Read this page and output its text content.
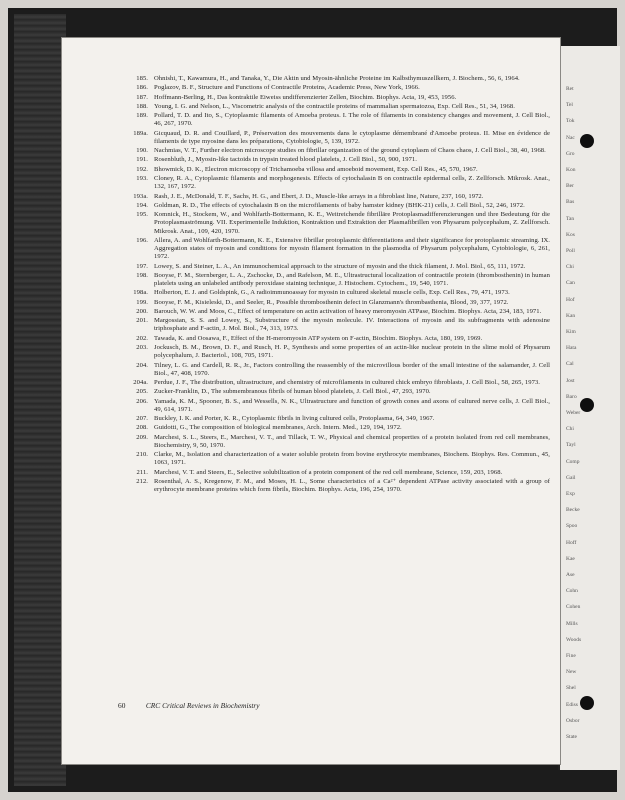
Ret
Tel
Tok
Nac
Gro
Kon
Ber
Bas
Tan
Kos
Poll
Chi
Can
Hof
Kan
Kim
Hata
Cal
Jost
Baro
Weber
Chi
Tayl
Comp
Gail
Exp
Becke
Spoo
Hoff
Kae
Ase
Cohn
Cohen
Mills
Woods
Fine
New
Shel
Ediss
Osbor
State
185. Ohnishi, T., Kawamura, H., and Tanaka, Y., Die Aktin und Myosin-ähnliche Proteine im Kalbsthymuszellkern, J. Biochem., 56, 6, 1964.
186. Poglazov, B. F., Structure and Functions of Contractile Proteins, Academic Press, New York, 1966.
187. Hoffmann-Berling, H., Das kontraktile Eiweiss undifferenzierter Zellen, Biochim. Biophys. Acta, 19, 453, 1956.
188. Young, I. G. and Nelson, L., Viscometric analysis of the contractile proteins of mammalian spermatozoa, Exp. Cell Res., 51, 34, 1968.
189. Pollard, T. D. and Ito, S., Cytoplasmic filaments of Amoeba proteus. I. The role of filaments in consistency changes and movement, J. Cell Biol., 46, 267, 1970.
189a. Gicquaud, D. R. and Couillard, P., Préservation des mouvements dans le cytoplasme démembrané d'Amoebe proteus. II. Mise en évidence de filaments de type myosine dans les préparations, Cytobiologie, 5, 139, 1972.
190. Nachmias, V. T., Further electron microscope studies on fibrillar organization of the ground cytoplasm of Chaos chaos, J. Cell Biol., 38, 40, 1968.
191. Rosenbluth, J., Myosin-like tactoids in trypsin treated blood platelets, J. Cell Biol., 50, 900, 1971.
192. Bhowmick, D. K., Electron microscopy of Trichamoeba villosa and amoeboid movement, Exp. Cell Res., 45, 570, 1967.
193. Cloney, R. A., Cytoplasmic filaments and morphogenesis. Effects of cytochalasin B on contractile epidermal cells, Z. Zellforsch. Mikrosk. Anat., 132, 167, 1972.
193a. Rash, J. E., McDonald, T. F., Sachs, H. G., and Ebert, J. D., Muscle-like arrays in a fibroblast line, Nature, 237, 160, 1972.
194. Goldman, R. D., The effects of cytochalasin B on the microfilaments of baby hamster kidney (BHK-21) cells, J. Cell Biol., 52, 246, 1972.
195. Komnick, H., Stockem, W., and Wohlfarth-Bottermann, K. E., Weitreichende fibrilläre Protoplasmadifferenzierungen und ihre Bedeutung für die Protoplasmaströmung. VII. Experimentelle Induktion, Kontraktion und Extraktion der Plasmafibrillen von Physarum polycephalum, Z. Zellforsch. Mikrosk. Anat., 109, 420, 1970.
196. Allera, A. and Wohlfarth-Bottermann, K. E., Extensive fibrillar protoplasmic differentiations and their significance for protoplasmic streaming. IX. Aggregation states of myosin and conditions for myosin filament formation in the plasmodia of Physarum polycephalum, Cytobiologie, 6, 261, 1972.
197. Lowey, S. and Steiner, L. A., An immunochemical approach to the structure of myosin and the thick filament, J. Mol. Biol., 65, 111, 1972.
198. Booyse, F. M., Sternberger, L. A., Zschocke, D., and Rafelson, M. E., Ultrastructural localization of contractile protein (thrombosthenin) in human platelets using an unlabeled antibody peroxidase staining technique, J. Histochem. Cytochem., 19, 540, 1971.
198a. Holberton, E. J. and Goldspink, G., A radioimmunoassay for myosin in cultured skeletal muscle cells, Exp. Cell Res., 79, 471, 1973.
199. Booyse, F. M., Kisieleski, D., and Seeler, R., Possible thrombosthenin defect in Glanzmann's thrombasthenia, Blood, 39, 377, 1972.
200. Barouch, W. W. and Moos, C., Effect of temperature on actin activation of heavy meromyosin ATPase, Biochim. Biophys. Acta, 234, 183, 1971.
201. Margossian, S. S. and Lowey, S., Substructure of the myosin molecule. IV. Interactions of myosin and its subfragments with adenosine triphosphate and F-actin, J. Mol. Biol., 74, 313, 1973.
202. Tawada, K. and Oosawa, F., Effect of the H-meromyosin ATP system on F-actin, Biochim. Biophys. Acta, 180, 199, 1969.
203. Jockusch, B. M., Brown, D. F., and Rusch, H. P., Synthesis and some properties of an actin-like nuclear protein in the slime mold of Physarum polycephalum, J. Bacteriol., 108, 705, 1971.
204. Tilney, L. G. and Cardell, R. R., Jr., Factors controlling the reassembly of the microvillous border of the small intestine of the salamander, J. Cell Biol., 47, 408, 1970.
204a. Perdue, J. F., The distribution, ultrastructure, and chemistry of microfilaments in cultured chick embryo fibroblasts, J. Cell Biol., 58, 265, 1973.
205. Zucker-Franklin, D., The submembranous fibrils of human blood platelets, J. Cell Biol., 47, 293, 1970.
206. Yamada, K. M., Spooner, B. S., and Wessells, N. K., Ultrastructure and function of growth cones and axons of cultured nerve cells, J. Cell Biol., 49, 614, 1971.
207. Buckley, I. K. and Porter, K. R., Cytoplasmic fibrils in living cultured cells, Protoplasma, 64, 349, 1967.
208. Guidotti, G., The composition of biological membranes, Arch. Intern. Med., 129, 194, 1972.
209. Marchesi, S. L., Steers, E., Marchesi, V. T., and Tillack, T. W., Physical and chemical properties of a protein isolated from red cell membranes, Biochemistry, 9, 50, 1970.
210. Clarke, M., Isolation and characterization of a water soluble protein from bovine erythrocyte membranes, Biochem. Biophys. Res. Commun., 45, 1063, 1971.
211. Marchesi, V. T. and Steers, E., Selective solubilization of a protein component of the red cell membrane, Science, 159, 203, 1968.
212. Rosenthal, A. S., Kregenow, F. M., and Moses, H. L., Some characteristics of a Ca²⁺ dependent ATPase activity associated with a group of erythrocyte membrane proteins which form fibrils, Biochim. Biophys. Acta, 196, 254, 1970.
60	CRC Critical Reviews in Biochemistry
